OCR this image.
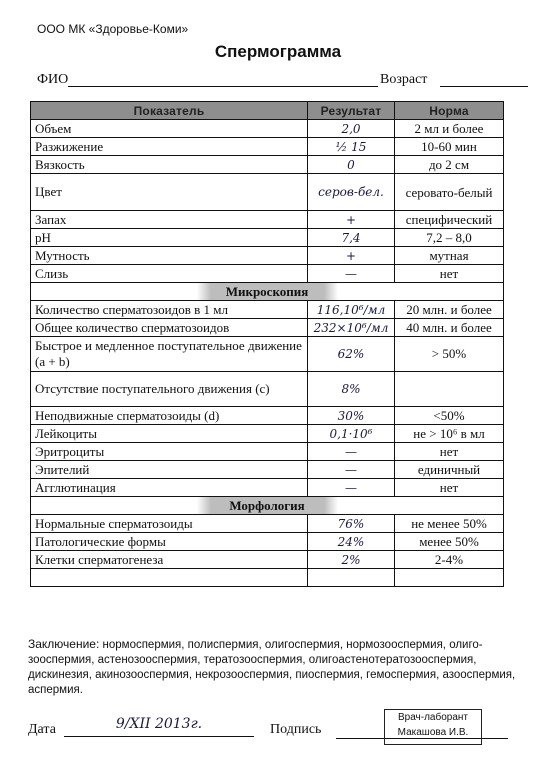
ООО МК «Здоровье-Коми»
Спермограмма
ФИО	Возраст
Показатель	Результат	Норма
Объем	2,0	2 мл и более
Разжижение	½ 15	10-60 мин
Вязкость	0	до 2 см
Цвет	серов-бел.	серовато-белый
Запах	+	специфический
pH	7,4	7,2 – 8,0
Мутность	+	мутная
Слизь	—	нет
Микроскопия		
Количество сперматозоидов в 1 мл	116,10⁶/мл	20 млн. и более
Общее количество сперматозоидов	232×10⁶/мл	40 млн. и более
Быстрое и медленное поступательное движение (a + b)	62%	> 50%
Отсутствие поступательного движения (c)	8%	
Неподвижные сперматозоиды (d)	30%	<50%
Лейкоциты	0,1·10⁶	не > 10⁶ в мл
Эритроциты	—	нет
Эпителий	—	единичный
Агглютинация	—	нет
Морфология		
Нормальные сперматозоиды	76%	не менее 50%
Патологические формы	24%	менее 50%
Клетки сперматогенеза	2%	2-4%

Заключение: нормоспермия, полиспермия, олигоспермия, нормозооспермия, олиго-зооспермия, астенозооспермия, тератозооспермия, олигоастенотератозооспермия, дискинезия, акинозооспермия, некрозооспермия, пиоспермия, гемоспермия, азооспермия, аспермия.
Дата	9/XII 2013г.	Подпись
Врач-лаборант
Макашова И.В.
